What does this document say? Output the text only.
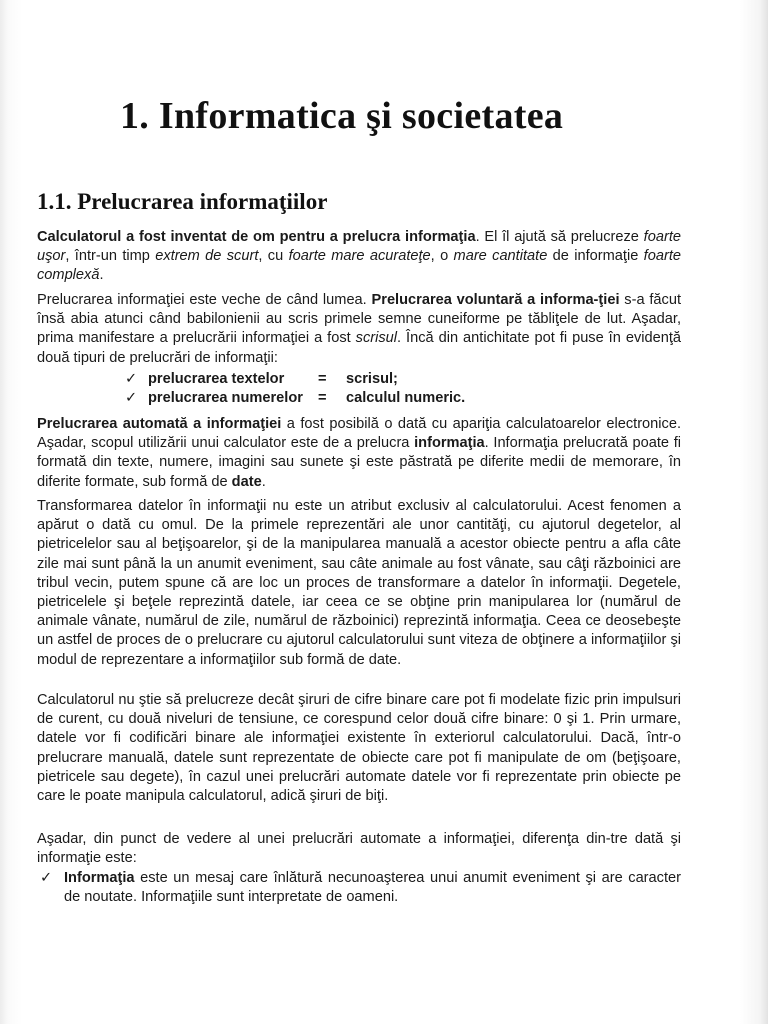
1. Informatica şi societatea
1.1. Prelucrarea informaţiilor

Calculatorul a fost inventat de om pentru a prelucra informaţia. El îl ajută să prelucreze foarte uşor, într-un timp extrem de scurt, cu foarte mare acurateţe, o mare cantitate de informaţie foarte complexă.

Prelucrarea informaţiei este veche de când lumea. Prelucrarea voluntară a informa-ţiei s-a făcut însă abia atunci când babilonienii au scris primele semne cuneiforme pe tăbliţele de lut. Aşadar, prima manifestare a prelucrării informaţiei a fost scrisul. Încă din antichitate pot fi puse în evidenţă două tipuri de prelucrări de informaţii:

✓ prelucrarea textelor = scrisul;
✓ prelucrarea numerelor = calculul numeric.

Prelucrarea automată a informaţiei a fost posibilă o dată cu apariţia calculatoarelor electronice. Aşadar, scopul utilizării unui calculator este de a prelucra informaţia. Informaţia prelucrată poate fi formată din texte, numere, imagini sau sunete şi este păstrată pe diferite medii de memorare, în diferite formate, sub formă de date.

Transformarea datelor în informaţii nu este un atribut exclusiv al calculatorului. Acest fenomen a apărut o dată cu omul. De la primele reprezentări ale unor cantităţi, cu ajutorul degetelor, al pietricelelor sau al beţişoarelor, şi de la manipularea manuală a acestor obiecte pentru a afla câte zile mai sunt până la un anumit eveniment, sau câte animale au fost vânate, sau câţi războinici are tribul vecin, putem spune că are loc un proces de transformare a datelor în informaţii. Degetele, pietricelele şi beţele reprezintă datele, iar ceea ce se obţine prin manipularea lor (numărul de animale vânate, numărul de zile, numărul de războinici) reprezintă informaţia. Ceea ce deosebeşte un astfel de proces de o prelucrare cu ajutorul calculatorului sunt viteza de obţinere a informaţiilor şi modul de reprezentare a informaţiilor sub formă de date.

Calculatorul nu ştie să prelucreze decât şiruri de cifre binare care pot fi modelate fizic prin impulsuri de curent, cu două niveluri de tensiune, ce corespund celor două cifre binare: 0 şi 1. Prin urmare, datele vor fi codificări binare ale informaţiei existente în exteriorul calculatorului. Dacă, într-o prelucrare manuală, datele sunt reprezentate de obiecte care pot fi manipulate de om (beţişoare, pietricele sau degete), în cazul unei prelucrări automate datele vor fi reprezentate prin obiecte pe care le poate manipula calculatorul, adică şiruri de biţi.

Aşadar, din punct de vedere al unei prelucrări automate a informaţiei, diferenţa din-tre dată şi informaţie este:

✓ Informaţia este un mesaj care înlătură necunoaşterea unui anumit eveniment şi are caracter de noutate. Informaţiile sunt interpretate de oameni.
